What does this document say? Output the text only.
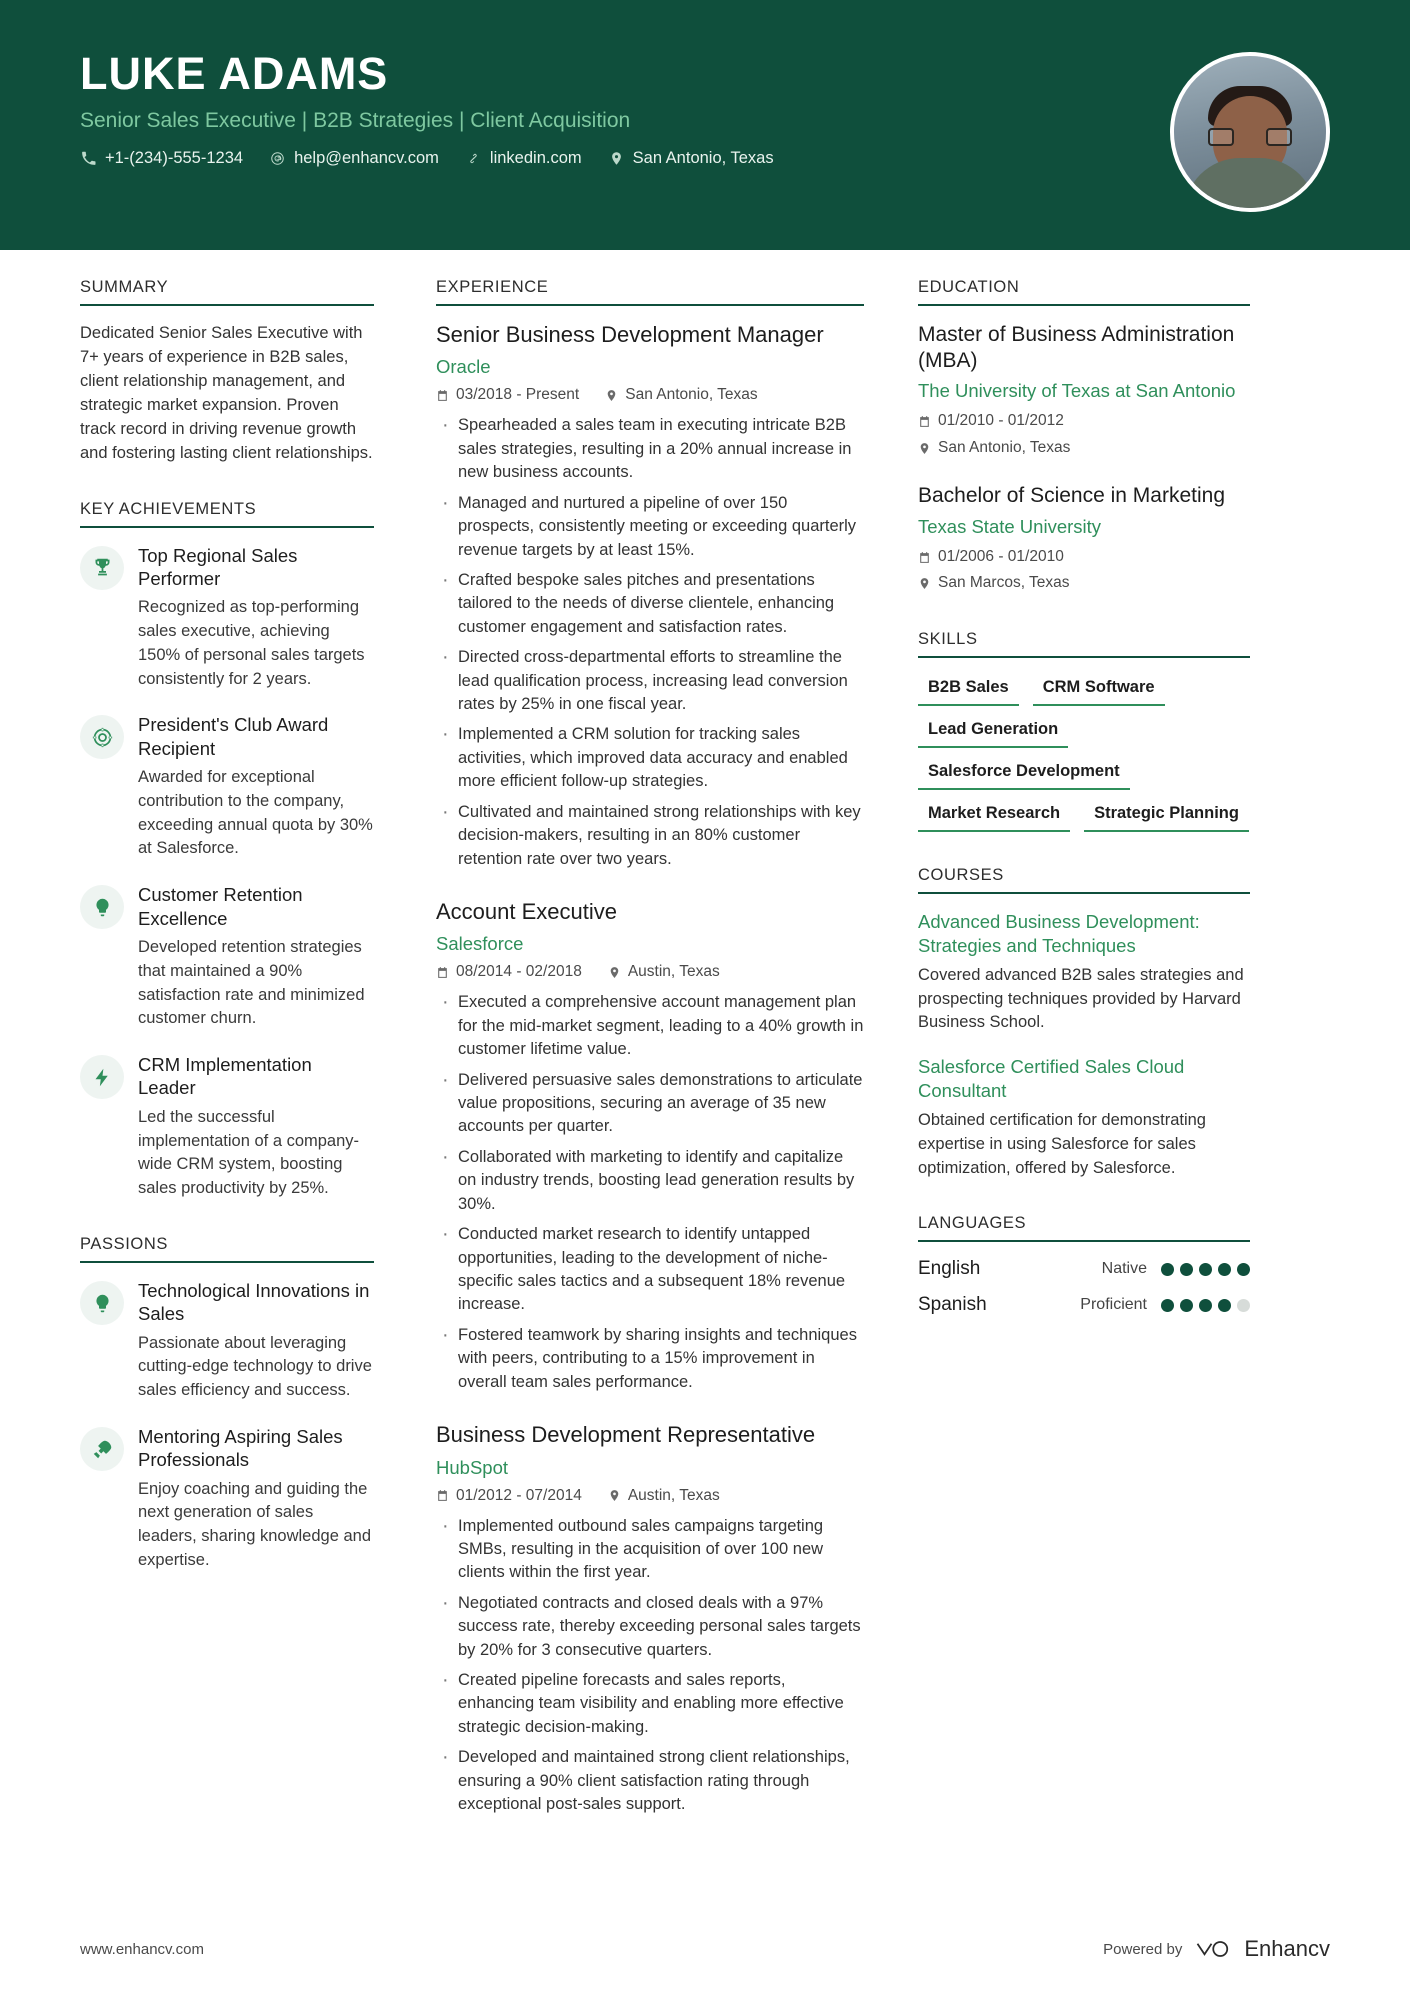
LUKE ADAMS
Senior Sales Executive | B2B Strategies | Client Acquisition
+1-(234)-555-1234	help@enhancv.com	linkedin.com	San Antonio, Texas
SUMMARY

Dedicated Senior Sales Executive with 7+ years of experience in B2B sales, client relationship management, and strategic market expansion. Proven track record in driving revenue growth and fostering lasting client relationships.

KEY ACHIEVEMENTS
Top Regional Sales Performer
Recognized as top-performing sales executive, achieving 150% of personal sales targets consistently for 2 years.
President's Club Award Recipient
Awarded for exceptional contribution to the company, exceeding annual quota by 30% at Salesforce.
Customer Retention Excellence
Developed retention strategies that maintained a 90% satisfaction rate and minimized customer churn.
CRM Implementation Leader
Led the successful implementation of a company-wide CRM system, boosting sales productivity by 25%.
PASSIONS
Technological Innovations in Sales
Passionate about leveraging cutting-edge technology to drive sales efficiency and success.
Mentoring Aspiring Sales Professionals
Enjoy coaching and guiding the next generation of sales leaders, sharing knowledge and expertise.
EXPERIENCE
Senior Business Development Manager
Oracle
03/2018 - Present	San Antonio, Texas
· Spearheaded a sales team in executing intricate B2B sales strategies, resulting in a 20% annual increase in new business accounts.
· Managed and nurtured a pipeline of over 150 prospects, consistently meeting or exceeding quarterly revenue targets by at least 15%.
· Crafted bespoke sales pitches and presentations tailored to the needs of diverse clientele, enhancing customer engagement and satisfaction rates.
· Directed cross-departmental efforts to streamline the lead qualification process, increasing lead conversion rates by 25% in one fiscal year.
· Implemented a CRM solution for tracking sales activities, which improved data accuracy and enabled more efficient follow-up strategies.
· Cultivated and maintained strong relationships with key decision-makers, resulting in an 80% customer retention rate over two years.
Account Executive
Salesforce
08/2014 - 02/2018	Austin, Texas
· Executed a comprehensive account management plan for the mid-market segment, leading to a 40% growth in customer lifetime value.
· Delivered persuasive sales demonstrations to articulate value propositions, securing an average of 35 new accounts per quarter.
· Collaborated with marketing to identify and capitalize on industry trends, boosting lead generation results by 30%.
· Conducted market research to identify untapped opportunities, leading to the development of niche-specific sales tactics and a subsequent 18% revenue increase.
· Fostered teamwork by sharing insights and techniques with peers, contributing to a 15% improvement in overall team sales performance.
Business Development Representative
HubSpot
01/2012 - 07/2014	Austin, Texas
· Implemented outbound sales campaigns targeting SMBs, resulting in the acquisition of over 100 new clients within the first year.
· Negotiated contracts and closed deals with a 97% success rate, thereby exceeding personal sales targets by 20% for 3 consecutive quarters.
· Created pipeline forecasts and sales reports, enhancing team visibility and enabling more effective strategic decision-making.
· Developed and maintained strong client relationships, ensuring a 90% client satisfaction rating through exceptional post-sales support.
EDUCATION
Master of Business Administration (MBA)
The University of Texas at San Antonio
01/2010 - 01/2012
San Antonio, Texas
Bachelor of Science in Marketing
Texas State University
01/2006 - 01/2010
San Marcos, Texas
SKILLS
B2B Sales	CRM Software
Lead Generation
Salesforce Development
Market Research	Strategic Planning
COURSES
Advanced Business Development: Strategies and Techniques
Covered advanced B2B sales strategies and prospecting techniques provided by Harvard Business School.
Salesforce Certified Sales Cloud Consultant
Obtained certification for demonstrating expertise in using Salesforce for sales optimization, offered by Salesforce.
LANGUAGES
English	Native
Spanish	Proficient
www.enhancv.com	Powered by	Enhancv
